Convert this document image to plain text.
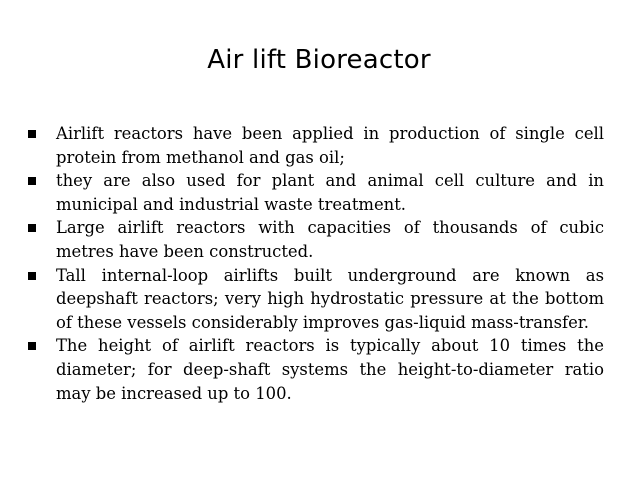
Air lift Bioreactor
Airlift reactors have been applied in production of single cell protein from methanol and gas oil;
they are also used for plant and animal cell culture and in municipal and industrial waste treatment.
Large airlift reactors with capacities of thousands of cubic metres have been constructed.
Tall internal-loop airlifts built underground are known as deepshaft reactors; very high hydrostatic pressure at the bottom of these vessels considerably improves gas-liquid mass-transfer.
The height of airlift reactors is typically about 10 times the diameter; for deep-shaft systems the height-to-diameter ratio may be increased up to 100.
